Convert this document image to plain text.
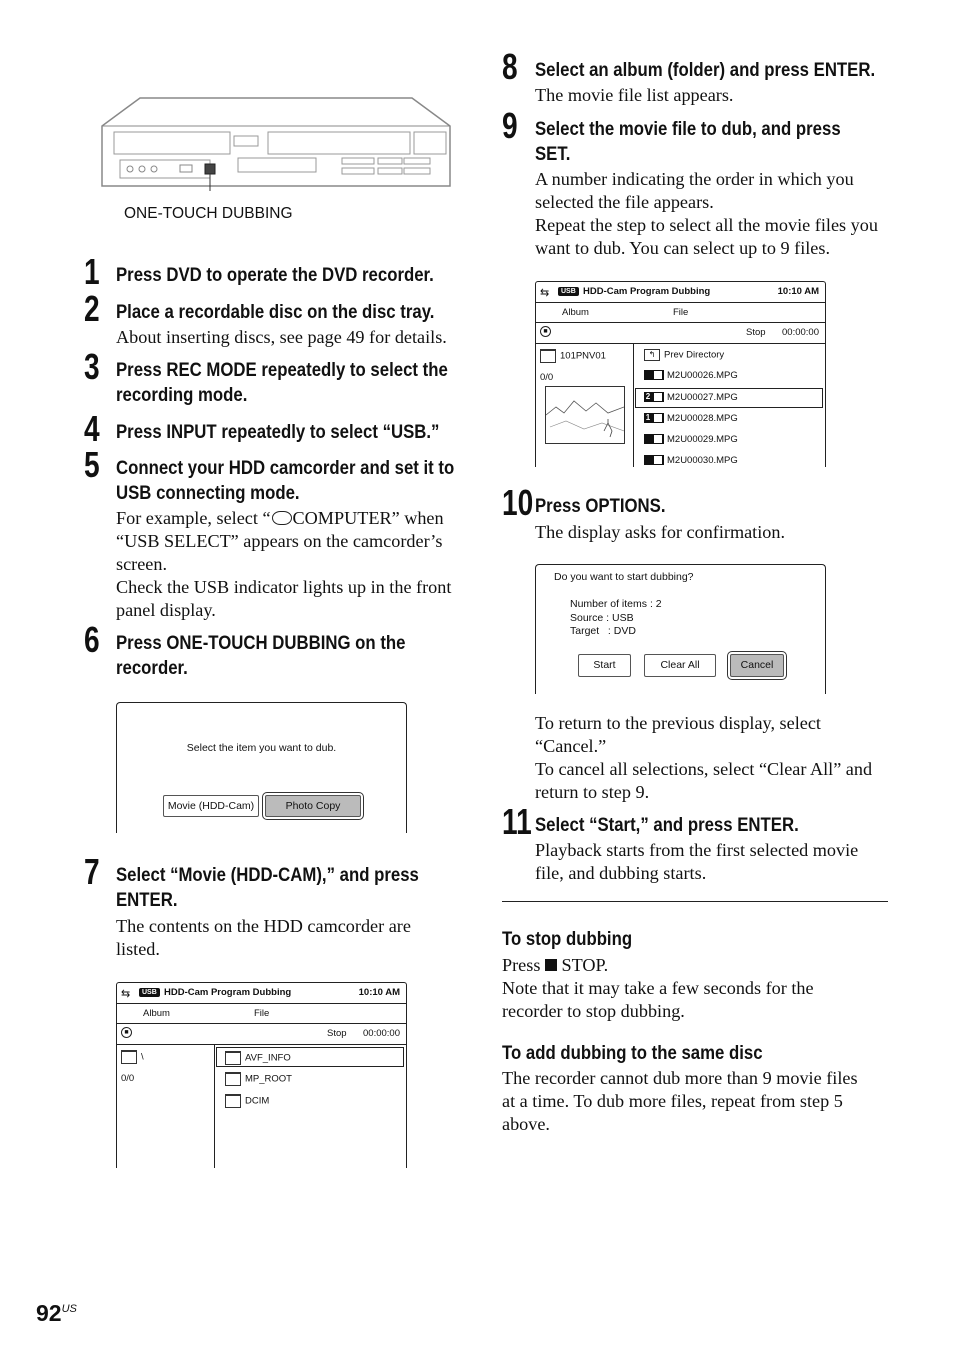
ONE-TOUCH DUBBING
1 Press DVD to operate the DVD recorder.
2 Place a recordable disc on the disc tray.
About inserting discs, see page 49 for details.
3 Press REC MODE repeatedly to select the
recording mode.
4 Press INPUT repeatedly to select “USB.”
5 Connect your HDD camcorder and set it to
USB connecting mode.
For example, select “ COMPUTER” when
“USB SELECT” appears on the camcorder’s
screen.
Check the USB indicator lights up in the front
panel display.
6 Press ONE-TOUCH DUBBING on the
recorder.
Select the item you want to dub.
Movie (HDD-Cam)	Photo Copy
7 Select “Movie (HDD-CAM),” and press
ENTER.
The contents on the HDD camcorder are
listed.
⇆	USB HDD-Cam Program Dubbing	10:10 AM
Album	File
■	Stop 00:00:00
\
0/0
AVF_INFO
MP_ROOT
DCIM
$92^{US}$
8 Select an album (folder) and press ENTER.
The movie file list appears.
9 Select the movie file to dub, and press
SET.
A number indicating the order in which you
selected the file appears.
Repeat the step to select all the movie files you
want to dub. You can select up to 9 files.
⇆	USB HDD-Cam Program Dubbing	10:10 AM
Album	File
■	Stop 00:00:00
101PNV01
0/0
↰ Prev Directory
M2U00026.MPG
2 M2U00027.MPG
1 M2U00028.MPG
M2U00029.MPG
M2U00030.MPG
10 Press OPTIONS.
The display asks for confirmation.
Do you want to start dubbing?
Number of items : 2
Source : USB
Target   : DVD
Start	Clear All	Cancel
To return to the previous display, select
“Cancel.”
To cancel all selections, select “Clear All” and
return to step 9.
11 Select “Start,” and press ENTER.
Playback starts from the first selected movie
file, and dubbing starts.
To stop dubbing
Press  STOP.
Note that it may take a few seconds for the
recorder to stop dubbing.
To add dubbing to the same disc
The recorder cannot dub more than 9 movie files
at a time. To dub more files, repeat from step 5
above.
